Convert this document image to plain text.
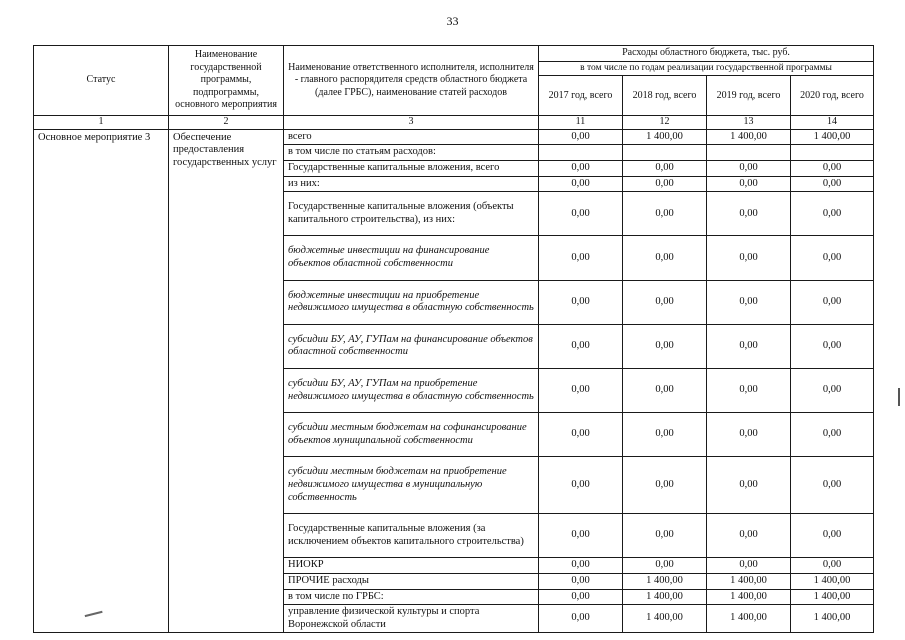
33
Статус	Наименование государственной программы, подпрограммы, основного мероприятия	Наименование ответственного исполнителя, исполнителя - главного распорядителя средств областного бюджета (далее ГРБС), наименование статей расходов	Расходы областного бюджета, тыс. руб.			
			в том числе по годам реализации государственной программы			
			2017 год, всего	2018 год, всего	2019 год, всего	2020 год, всего
1	2	3	11	12	13	14
Основное мероприятие 3	Обеспечение предоставления государственных услуг	всего	0,00	1 400,00	1 400,00	1 400,00
		в том числе по статьям расходов:				
		Государственные капитальные вложения, всего	0,00	0,00	0,00	0,00
		из них:	0,00	0,00	0,00	0,00
		Государственные капитальные вложения (объекты капитального строительства), из них:	0,00	0,00	0,00	0,00
		бюджетные инвестиции на финансирование объектов областной собственности	0,00	0,00	0,00	0,00
		бюджетные инвестиции на приобретение недвижимого имущества в областную собственность	0,00	0,00	0,00	0,00
		субсидии БУ, АУ, ГУПам на финансирование объектов областной собственности	0,00	0,00	0,00	0,00
		субсидии БУ, АУ, ГУПам на приобретение недвижимого имущества в областную собственность	0,00	0,00	0,00	0,00
		субсидии местным бюджетам на софинансирование объектов муниципальной собственности	0,00	0,00	0,00	0,00
		субсидии местным бюджетам на приобретение недвижимого имущества в муниципальную собственность	0,00	0,00	0,00	0,00
		Государственные капитальные вложения (за исключением объектов капитального строительства)	0,00	0,00	0,00	0,00
		НИОКР	0,00	0,00	0,00	0,00
		ПРОЧИЕ расходы	0,00	1 400,00	1 400,00	1 400,00
		в том числе по ГРБС:	0,00	1 400,00	1 400,00	1 400,00
		управление физической культуры и спорта Воронежской области	0,00	1 400,00	1 400,00	1 400,00
